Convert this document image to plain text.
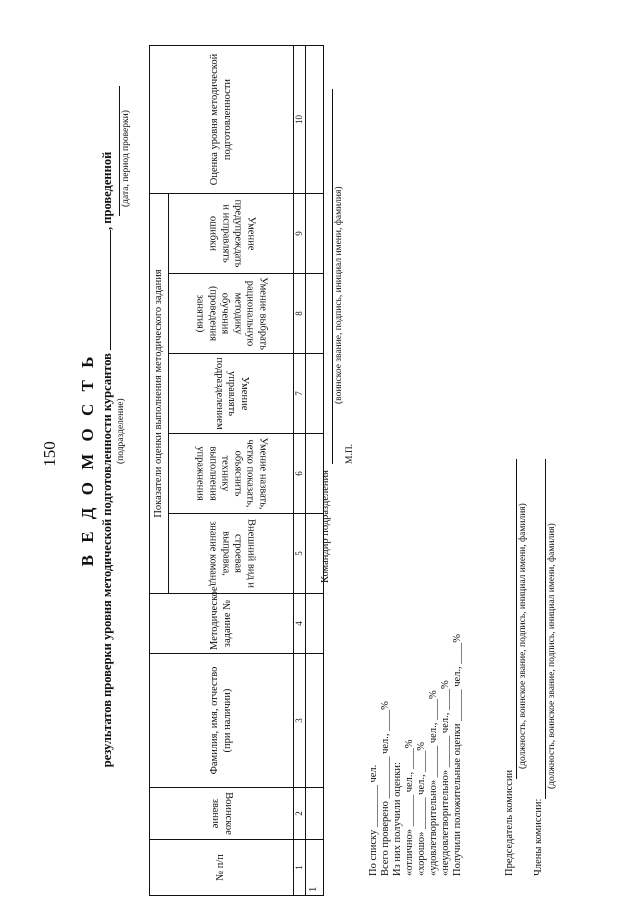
150 В Е Д О М О С Т Ь результатов проверки уровня методической подготовленности курсантов , проведенной
(подразделение)
(дата, период проверки)
№ п/п	Воинское звание	Фамилия, имя, отчество (при наличии)	Методическое задание №	Показатели оценки выполнения методического задания					Оценка уровня методической подготовленности
				Внешний вид и строевая выправка, знание команд	Умение назвать, четко показать, объяснить технику выполнения упражнения	Умение управлять подразделением	Умение выбрать рациональную методику обучения (проведения занятия)	Умение предупреждать и исправлять ошибки	
1	2	3	4	5	6	7	8	9	10
1									
Командир подразделения
(воинское звание, подпись, инициал имени, фамилия)
М.П.
По списку ________ чел. Всего проверено ________ чел., ____% Из них получили оценки: «отлично» ______ чел., ____% «хорошо» ______ чел., ____% «удовлетворительно» ______ чел., ____% «неудовлетворительно» ______ чел., ____% Получили положительные оценки ______ чел., ____%	Председатель комиссии
(должность, воинское звание, подпись, инициал имени, фамилия)
Члены комиссии:
(должность, воинское звание, подпись, инициал имени, фамилия)
